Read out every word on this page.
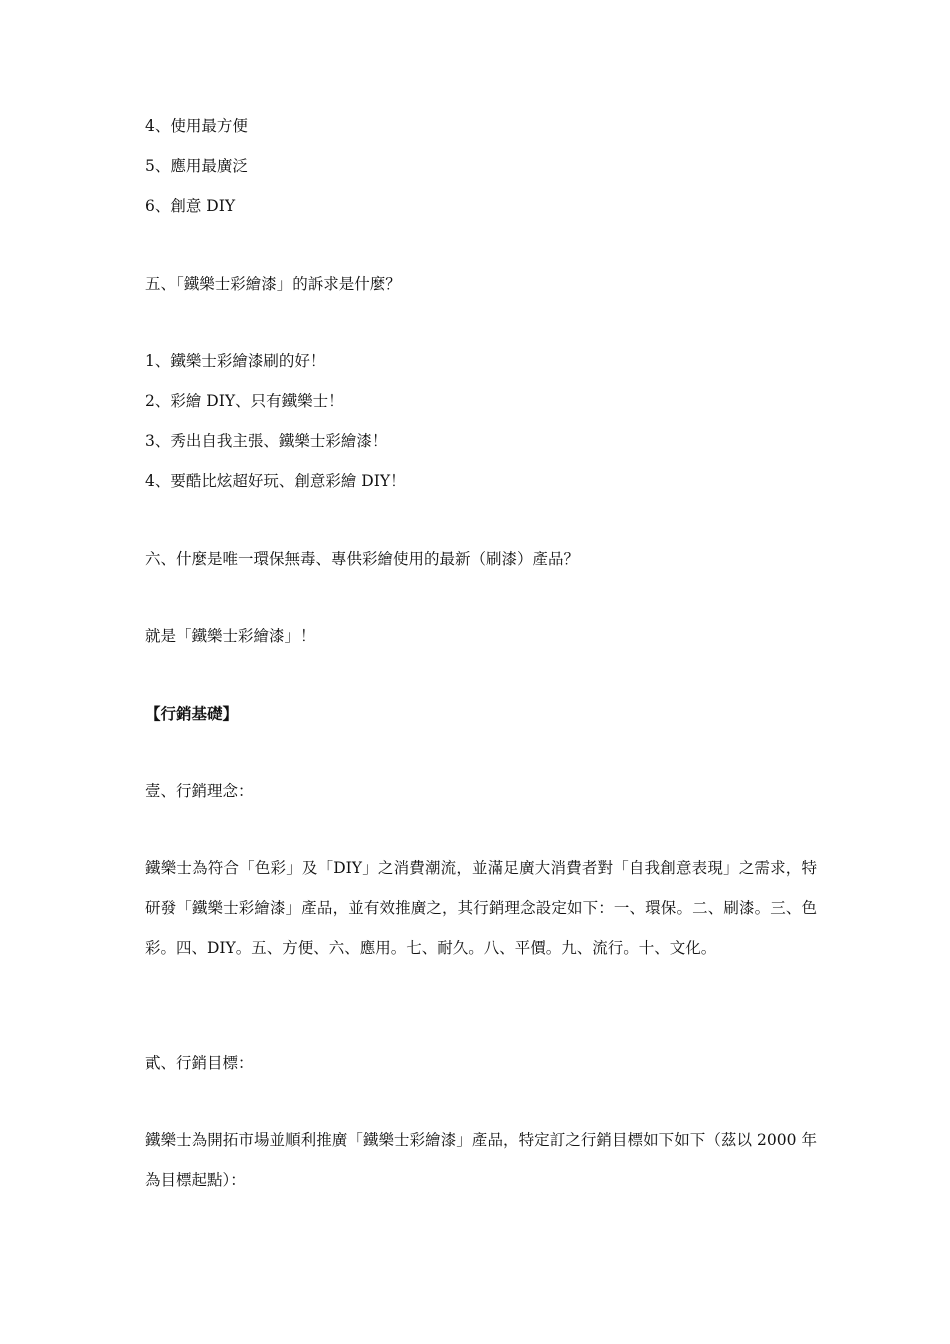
4、使用最方便
5、應用最廣泛
6、創意 DIY
五、「鐵樂士彩繪漆」的訴求是什麼？
1、鐵樂士彩繪漆刷的好！
2、彩繪 DIY、只有鐵樂士！
3、秀出自我主張、鐵樂士彩繪漆！
4、要酷比炫超好玩、創意彩繪 DIY！
六、什麼是唯一環保無毒、專供彩繪使用的最新（刷漆）產品？
就是「鐵樂士彩繪漆」！
【行銷基礎】
壹、行銷理念：
鐵樂士為符合「色彩」及「DIY」之消費潮流，並滿足廣大消費者對「自我創意表現」之需求，特研發「鐵樂士彩繪漆」產品，並有效推廣之，其行銷理念設定如下：一、環保。二、刷漆。三、色彩。四、DIY。五、方便、六、應用。七、耐久。八、平價。九、流行。十、文化。
貳、行銷目標：
鐵樂士為開拓市場並順利推廣「鐵樂士彩繪漆」產品，特定訂之行銷目標如下如下（茲以 2000 年為目標起點）：
